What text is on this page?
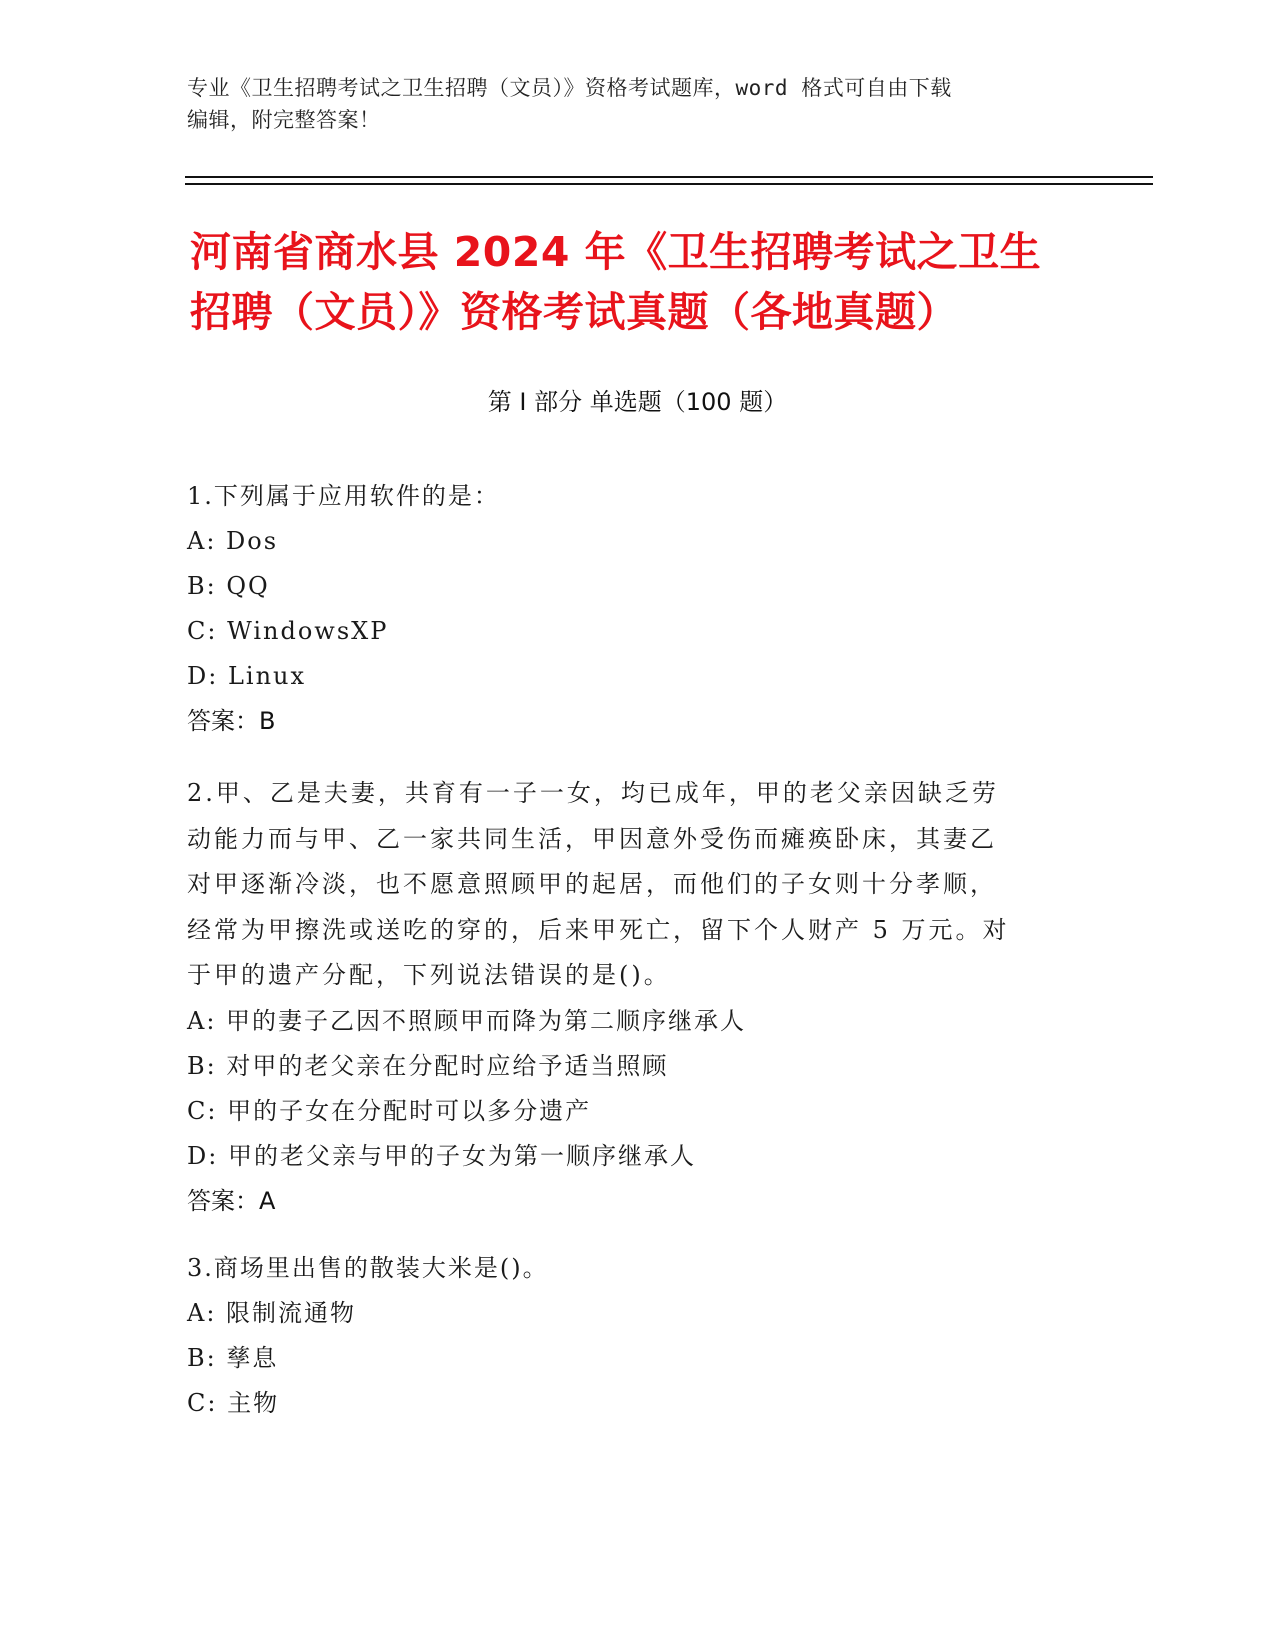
专业《卫生招聘考试之卫生招聘（文员）》资格考试题库，word 格式可自由下载
编辑，附完整答案！
河南省商水县 2024 年《卫生招聘考试之卫生
招聘（文员）》资格考试真题（各地真题）
第 I 部分 单选题（100 题）
1.下列属于应用软件的是：
A: Dos
B: QQ
C: WindowsXP
D: Linux
答案：B
2.甲、乙是夫妻，共育有一子一女，均已成年，甲的老父亲因缺乏劳
动能力而与甲、乙一家共同生活，甲因意外受伤而瘫痪卧床，其妻乙
对甲逐渐冷淡，也不愿意照顾甲的起居，而他们的子女则十分孝顺，
经常为甲擦洗或送吃的穿的，后来甲死亡，留下个人财产 5 万元。对
于甲的遗产分配，下列说法错误的是()。
A: 甲的妻子乙因不照顾甲而降为第二顺序继承人
B: 对甲的老父亲在分配时应给予适当照顾
C: 甲的子女在分配时可以多分遗产
D: 甲的老父亲与甲的子女为第一顺序继承人
答案：A
3.商场里出售的散装大米是()。
A: 限制流通物
B: 孳息
C: 主物
